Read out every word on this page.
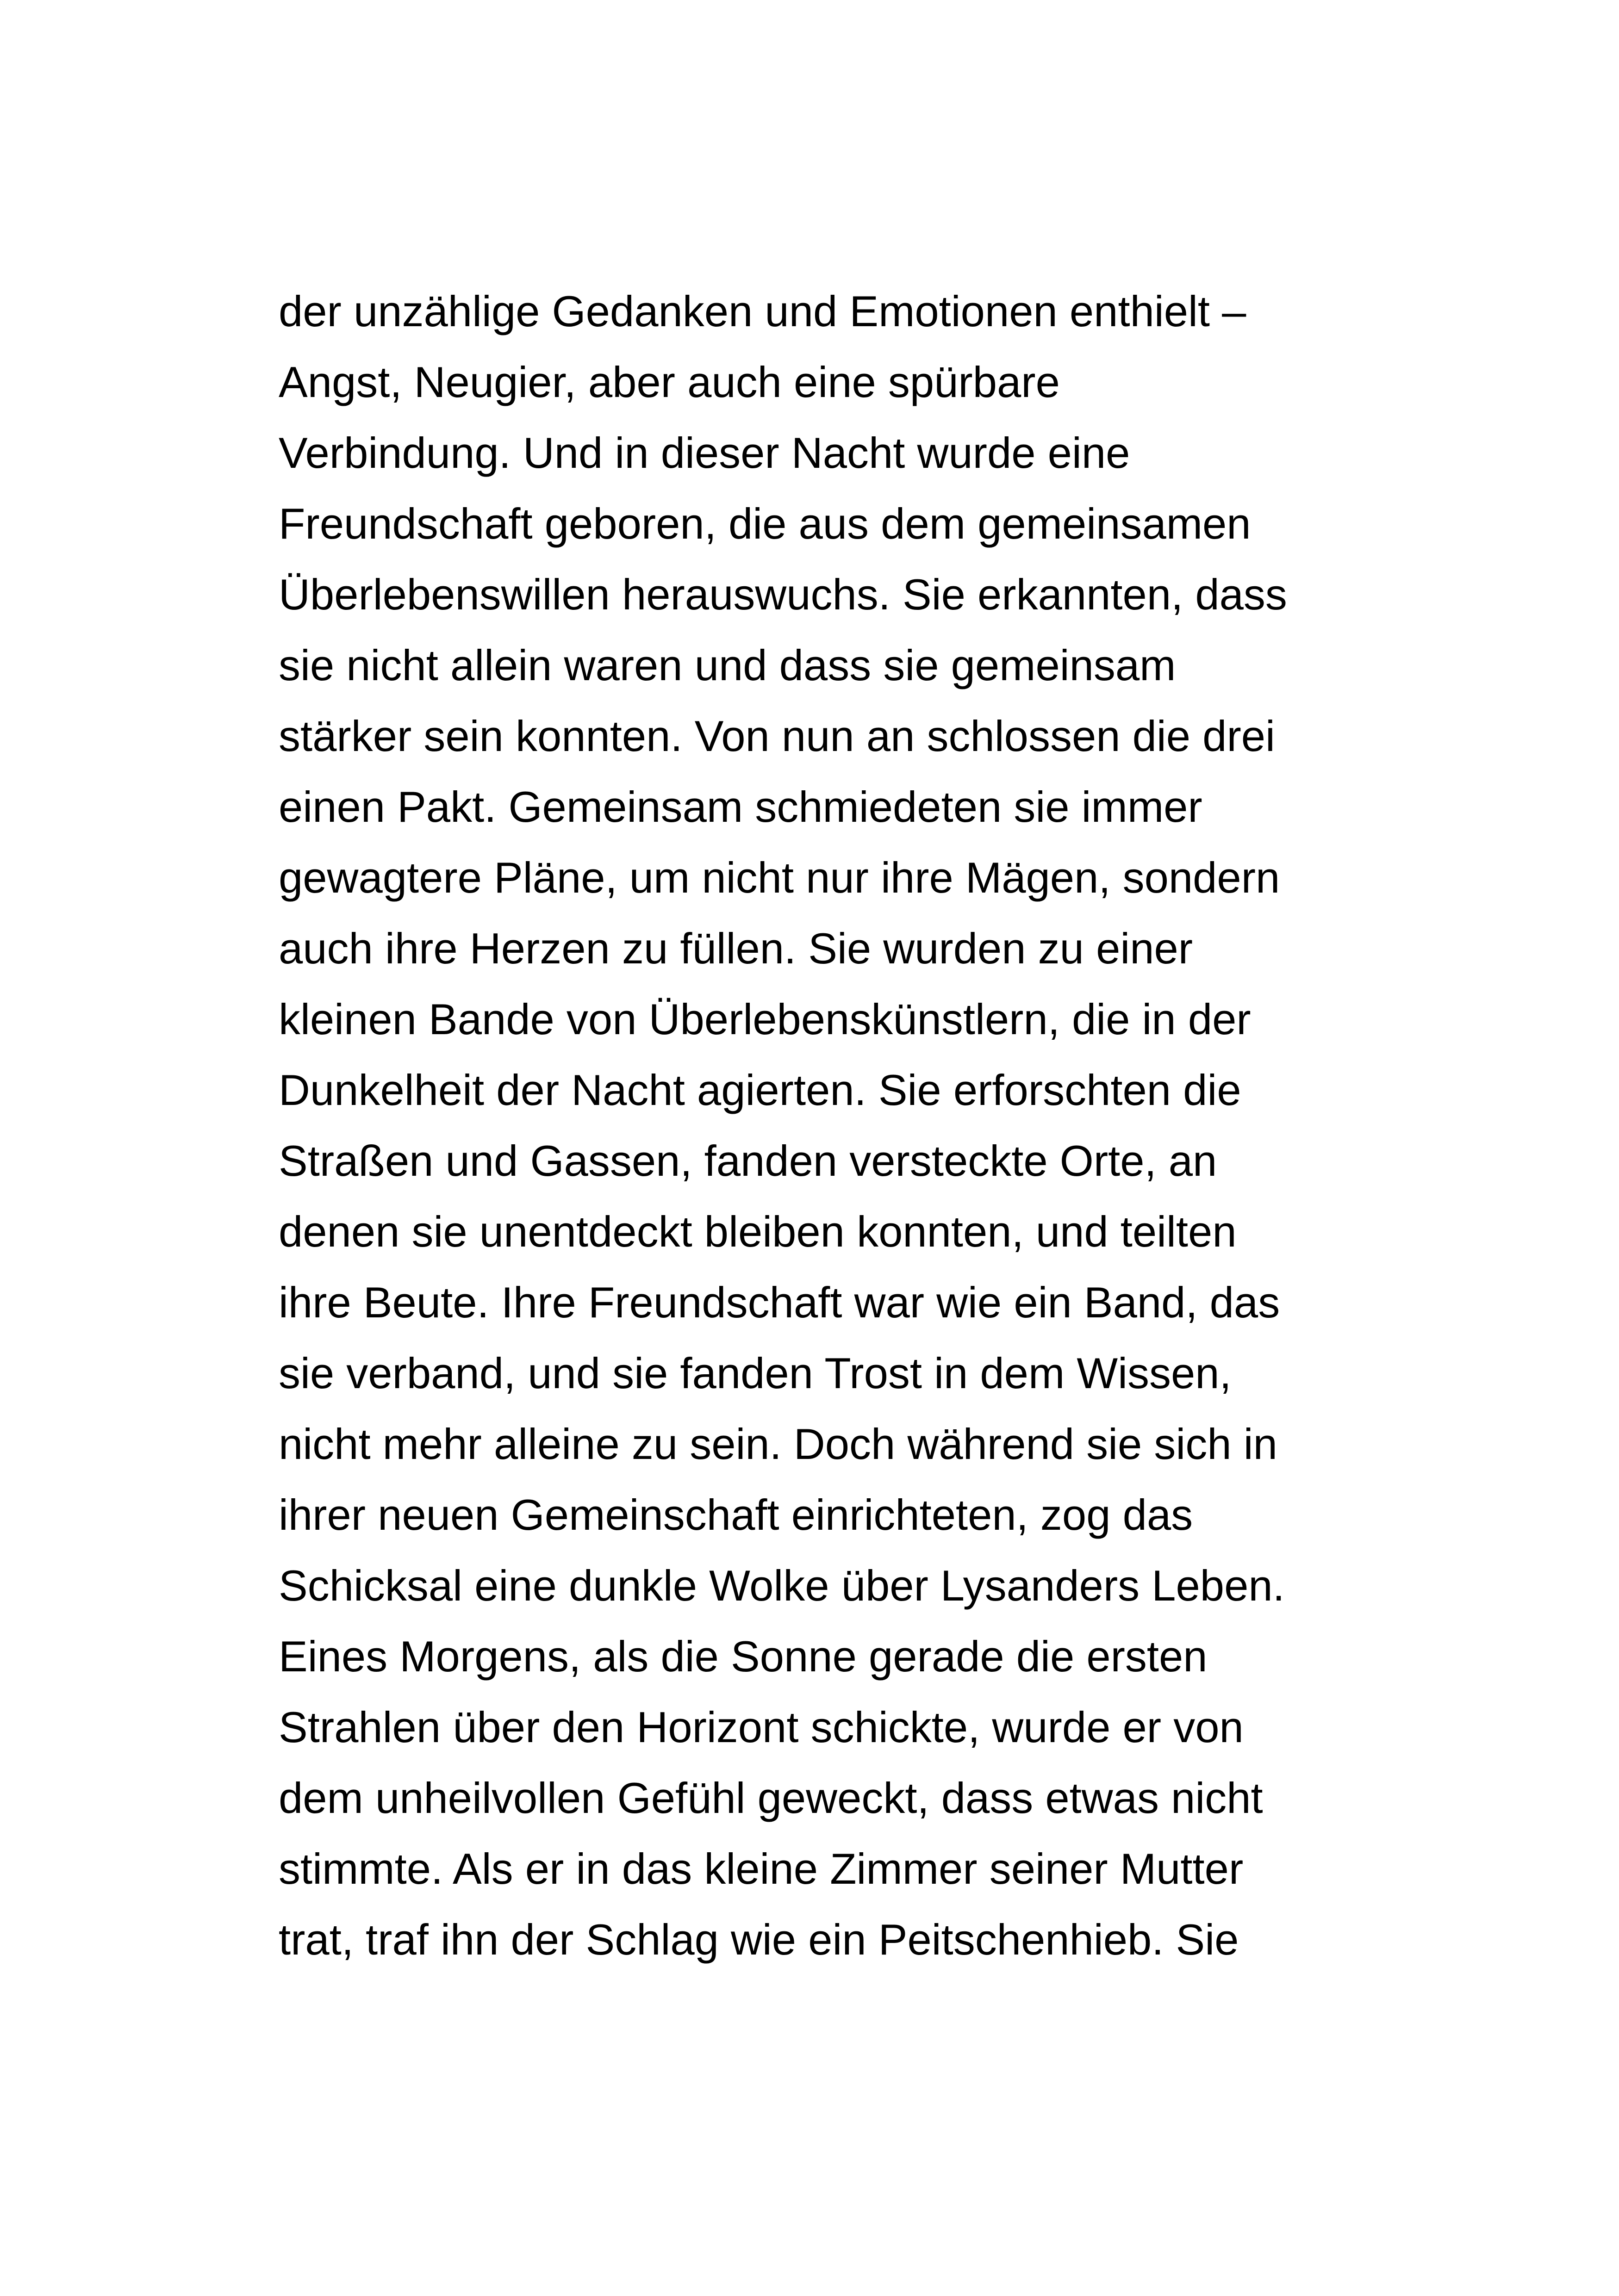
der unzählige Gedanken und Emotionen enthielt –
Angst, Neugier, aber auch eine spürbare
Verbindung. Und in dieser Nacht wurde eine
Freundschaft geboren, die aus dem gemeinsamen
Überlebenswillen herauswuchs. Sie erkannten, dass
sie nicht allein waren und dass sie gemeinsam
stärker sein konnten. Von nun an schlossen die drei
einen Pakt. Gemeinsam schmiedeten sie immer
gewagtere Pläne, um nicht nur ihre Mägen, sondern
auch ihre Herzen zu füllen. Sie wurden zu einer
kleinen Bande von Überlebenskünstlern, die in der
Dunkelheit der Nacht agierten. Sie erforschten die
Straßen und Gassen, fanden versteckte Orte, an
denen sie unentdeckt bleiben konnten, und teilten
ihre Beute. Ihre Freundschaft war wie ein Band, das
sie verband, und sie fanden Trost in dem Wissen,
nicht mehr alleine zu sein. Doch während sie sich in
ihrer neuen Gemeinschaft einrichteten, zog das
Schicksal eine dunkle Wolke über Lysanders Leben.
Eines Morgens, als die Sonne gerade die ersten
Strahlen über den Horizont schickte, wurde er von
dem unheilvollen Gefühl geweckt, dass etwas nicht
stimmte. Als er in das kleine Zimmer seiner Mutter
trat, traf ihn der Schlag wie ein Peitschenhieb. Sie
